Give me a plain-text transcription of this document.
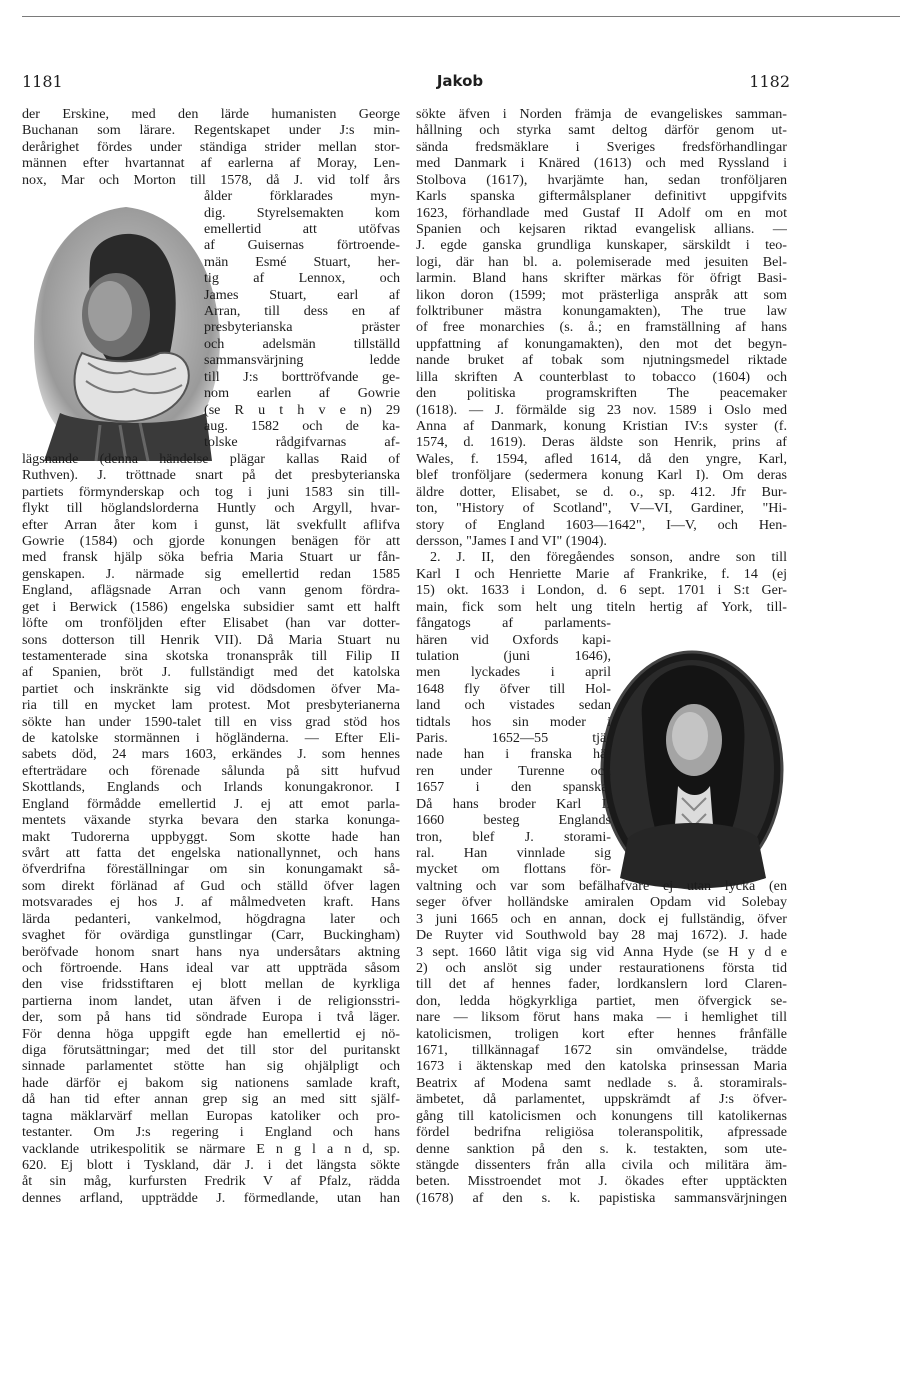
1181	Jakob	1182
der Erskine, med den lärde humanisten George
Buchanan som lärare. Regentskapet under J:s min-
derårighet fördes under ständiga strider mellan stor-
männen efter hvartannat af earlerna af Moray, Len-
nox, Mar och Morton till 1578, då J. vid tolf års
ålder förklarades myn-
dig. Styrelsemakten kom
emellertid att utöfvas
af Guisernas förtroende-
män Esmé Stuart, her-
tig af Lennox, och
James Stuart, earl af
Arran, till dess en af
presbyterianska präster
och adelsmän tillställd
sammansvärjning ledde
till J:s borttröfvande ge-
nom earlen af Gowrie
(se R u t h v e n) 29
aug. 1582 och de ka-
tolske rådgifvarnas af-
lägsnande (denna händelse plägar kallas Raid of
Ruthven). J. tröttnade snart på det presbyterianska
partiets förmynderskap och tog i juni 1583 sin till-
flykt till höglandslorderna Huntly och Argyll, hvar-
efter Arran åter kom i gunst, lät svekfullt aflifva
Gowrie (1584) och gjorde konungen benägen för att
med fransk hjälp söka befria Maria Stuart ur fån-
genskapen. J. närmade sig emellertid redan 1585
England, aflägsnade Arran och vann genom fördra-
get i Berwick (1586) engelska subsidier samt ett halft
löfte om tronföljden efter Elisabet (han var dotter-
sons dotterson till Henrik VII). Då Maria Stuart nu
testamenterade sina skotska tronanspråk till Filip II
af Spanien, bröt J. fullständigt med det katolska
partiet och inskränkte sig vid dödsdomen öfver Ma-
ria till en mycket lam protest. Mot presbyterianerna
sökte han under 1590-talet till en viss grad stöd hos
de katolske stormännen i högländerna. — Efter Eli-
sabets död, 24 mars 1603, erkändes J. som hennes
efterträdare och förenade sålunda på sitt hufvud
Skottlands, Englands och Irlands konungakronor. I
England förmådde emellertid J. ej att emot parla-
mentets växande styrka bevara den starka konunga-
makt Tudorerna uppbyggt. Som skotte hade han
svårt att fatta det engelska nationallynnet, och hans
öfverdrifna föreställningar om sin konungamakt så-
som direkt förlänad af Gud och ställd öfver lagen
motsvarades ej hos J. af målmedveten kraft. Hans
lärda pedanteri, vankelmod, högdragna later och
svaghet för ovärdiga gunstlingar (Carr, Buckingham)
beröfvade honom snart hans nya undersåtars aktning
och förtroende. Hans ideal var att uppträda såsom
den vise fridsstiftaren ej blott mellan de kyrkliga
partierna inom landet, utan äfven i de religionsstri-
der, som på hans tid söndrade Europa i två läger.
För denna höga uppgift egde han emellertid ej nö-
diga förutsättningar; med det till stor del puritanskt
sinnade parlamentet stötte han sig ohjälpligt och
hade därför ej bakom sig nationens samlade kraft,
då han tid efter annan grep sig an med sitt själf-
tagna mäklarvärf mellan Europas katoliker och pro-
testanter. Om J:s regering i England och hans
vacklande utrikespolitik se närmare E n g l a n d, sp.
620. Ej blott i Tyskland, där J. i det längsta sökte
åt sin måg, kurfursten Fredrik V af Pfalz, rädda
dennes arfland, uppträdde J. förmedlande, utan han
sökte äfven i Norden främja de evangeliskes samman-
hållning och styrka samt deltog därför genom ut-
sända fredsmäklare i Sveriges fredsförhandlingar
med Danmark i Knäred (1613) och med Ryssland i
Stolbova (1617), hvarjämte han, sedan tronföljaren
Karls spanska giftermålsplaner definitivt uppgifvits
1623, förhandlade med Gustaf II Adolf om en mot
Spanien och kejsaren riktad evangelisk allians. —
J. egde ganska grundliga kunskaper, särskildt i teo-
logi, där han bl. a. polemiserade med jesuiten Bel-
larmin. Bland hans skrifter märkas för öfrigt Basi-
likon doron (1599; mot prästerliga anspråk att som
folktribuner mästra konungamakten), The true law
of free monarchies (s. å.; en framställning af hans
uppfattning af konungamakten), den mot det begyn-
nande bruket af tobak som njutningsmedel riktade
lilla skriften A counterblast to tobacco (1604) och
den politiska programskriften The peacemaker
(1618). — J. förmälde sig 23 nov. 1589 i Oslo med
Anna af Danmark, konung Kristian IV:s syster (f.
1574, d. 1619). Deras äldste son Henrik, prins af
Wales, f. 1594, afled 1614, då den yngre, Karl,
blef tronföljare (sedermera konung Karl I). Om deras
äldre dotter, Elisabet, se d. o., sp. 412. Jfr Bur-
ton, "History of Scotland", V—VI, Gardiner, "Hi-
story of England 1603—1642", I—V, och Hen-
dersson, "James I and VI" (1904).
2. J. II, den föregåendes sonson, andre son till
Karl I och Henriette Marie af Frankrike, f. 14 (ej
15) okt. 1633 i London, d. 6 sept. 1701 i S:t Ger-
main, fick som helt ung titeln hertig af York, till-
fångatogs af parlaments-
hären vid Oxfords kapi-
tulation (juni 1646),
men lyckades i april
1648 fly öfver till Hol-
land och vistades sedan
tidtals hos sin moder i
Paris. 1652—55 tjä-
nade han i franska hä-
ren under Turenne och
1657 i den spanska.
Då hans broder Karl II
1660 besteg Englands
tron, blef J. storami-
ral. Han vinnlade sig
mycket om flottans för-
valtning och var som befälhafvare ej utan lycka (en
seger öfver holländske amiralen Opdam vid Solebay
3 juni 1665 och en annan, dock ej fullständig, öfver
De Ruyter vid Southwold bay 28 maj 1672). J. hade
3 sept. 1660 låtit viga sig vid Anna Hyde (se H y d e
2) och anslöt sig under restaurationens första tid
till det af hennes fader, lordkanslern lord Claren-
don, ledda högkyrkliga partiet, men öfvergick se-
nare — liksom förut hans maka — i hemlighet till
katolicismen, troligen kort efter hennes frånfälle
1671, tillkännagaf 1672 sin omvändelse, trädde
1673 i äktenskap med den katolska prinsessan Maria
Beatrix af Modena samt nedlade s. å. storamirals-
ämbetet, då parlamentet, uppskrämdt af J:s öfver-
gång till katolicismen och konungens till katolikernas
fördel bedrifna religiösa toleranspolitik, afpressade
denne sanktion på den s. k. testakten, som ute-
stängde dissenters från alla civila och militära äm-
beten. Misstroendet mot J. ökades efter upptäckten
(1678) af den s. k. papistiska sammansvärjningen
